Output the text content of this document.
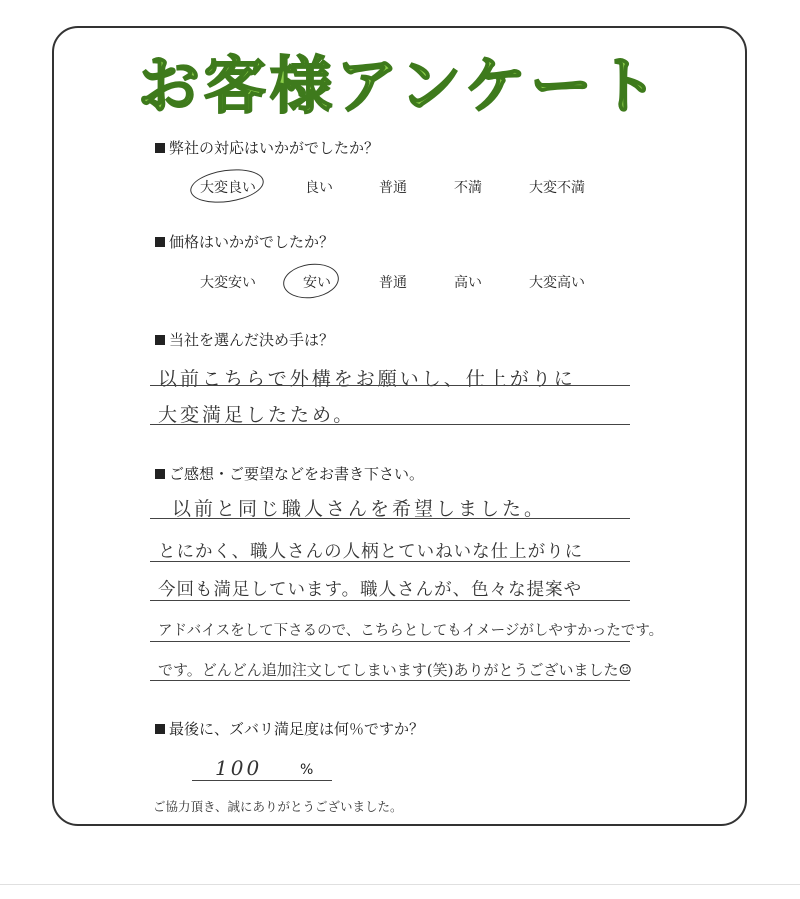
お客様アンケート
弊社の対応はいかがでしたか？
大変良い	良い	普通	不満	大変不満
価格はいかがでしたか？
大変安い	安い	普通	高い	大変高い
当社を選んだ決め手は？
以前こちらで外構をお願いし、仕上がりに
大変満足したため。
ご感想・ご要望などをお書き下さい。
以前と同じ職人さんを希望しました。
とにかく、職人さんの人柄とていねいな仕上がりに
今回も満足しています。職人さんが、色々な提案や
アドバイスをして下さるので、こちらとしてもイメージがしやすかったです。
です。どんどん追加注文してしまいます(笑)ありがとうございました☺
最後に、ズバリ満足度は何％ですか？
100	%
ご協力頂き、誠にありがとうございました。
